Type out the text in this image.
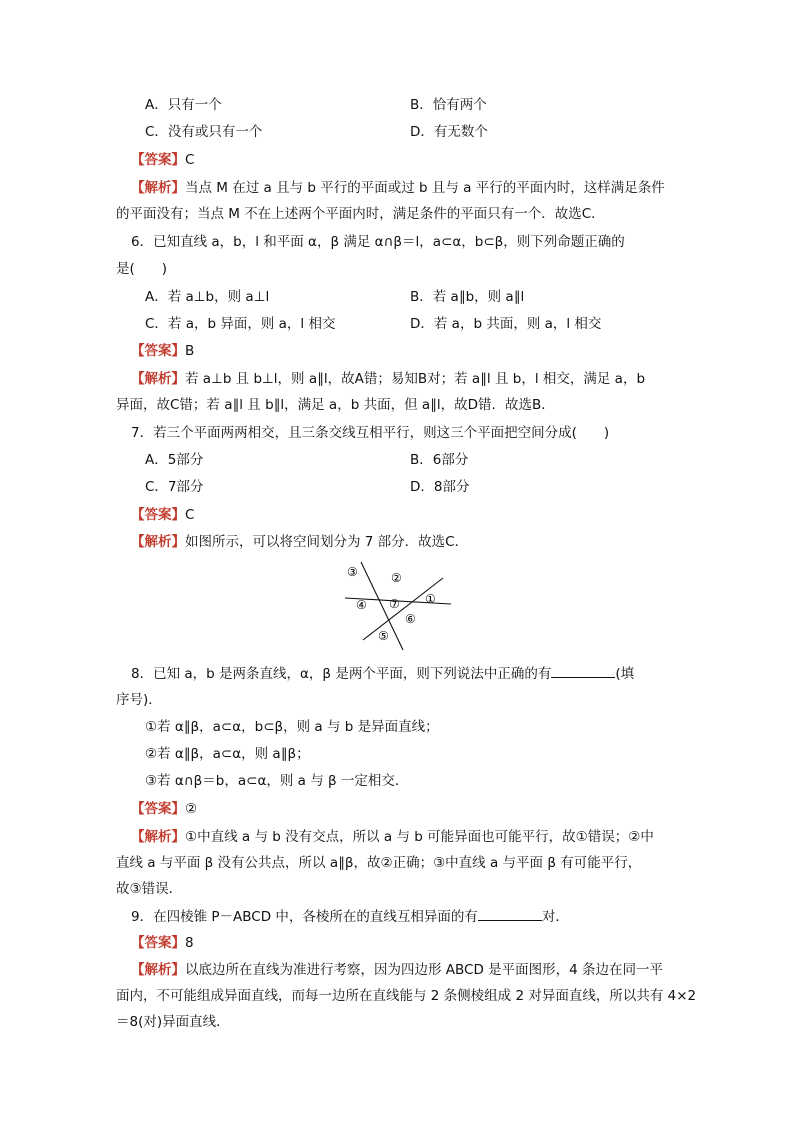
A．只有一个	B．恰有两个
C．没有或只有一个	D．有无数个
【答案】C
【解析】当点 M 在过 a 且与 b 平行的平面或过 b 且与 a 平行的平面内时，这样满足条件
的平面没有；当点 M 不在上述两个平面内时，满足条件的平面只有一个．故选C．
6．已知直线 a，b，l 和平面 α，β 满足 α∩β＝l，a⊂α，b⊂β，则下列命题正确的
是(　　)
A．若 a⊥b，则 a⊥l	B．若 a∥b，则 a∥l
C．若 a，b 异面，则 a，l 相交	D．若 a，b 共面，则 a，l 相交
【答案】B
【解析】若 a⊥b 且 b⊥l，则 a∥l，故A错；易知B对；若 a∥l 且 b，l 相交，满足 a，b
异面，故C错；若 a∥l 且 b∥l，满足 a，b 共面，但 a∥l，故D错．故选B．
7．若三个平面两两相交，且三条交线互相平行，则这三个平面把空间分成(　　)
A．5部分	B．6部分
C．7部分	D．8部分
【答案】C
【解析】如图所示，可以将空间划分为 7 部分．故选C．
③	②
①
④ ⑦
⑥
⑤
8．已知 a，b 是两条直线，α，β 是两个平面，则下列说法中正确的有	(填
序号)．
①若 α∥β，a⊂α，b⊂β，则 a 与 b 是异面直线；
②若 α∥β，a⊂α，则 a∥β；
③若 α∩β＝b，a⊂α，则 a 与 β 一定相交．
【答案】②
【解析】①中直线 a 与 b 没有交点，所以 a 与 b 可能异面也可能平行，故①错误；②中
直线 a 与平面 β 没有公共点，所以 a∥β，故②正确；③中直线 a 与平面 β 有可能平行，
故③错误．
9．在四棱锥 P－ABCD 中，各棱所在的直线互相异面的有	对．
【答案】8
【解析】以底边所在直线为准进行考察，因为四边形 ABCD 是平面图形，4 条边在同一平
面内，不可能组成异面直线，而每一边所在直线能与 2 条侧棱组成 2 对异面直线，所以共有 4×2
＝8(对)异面直线．
